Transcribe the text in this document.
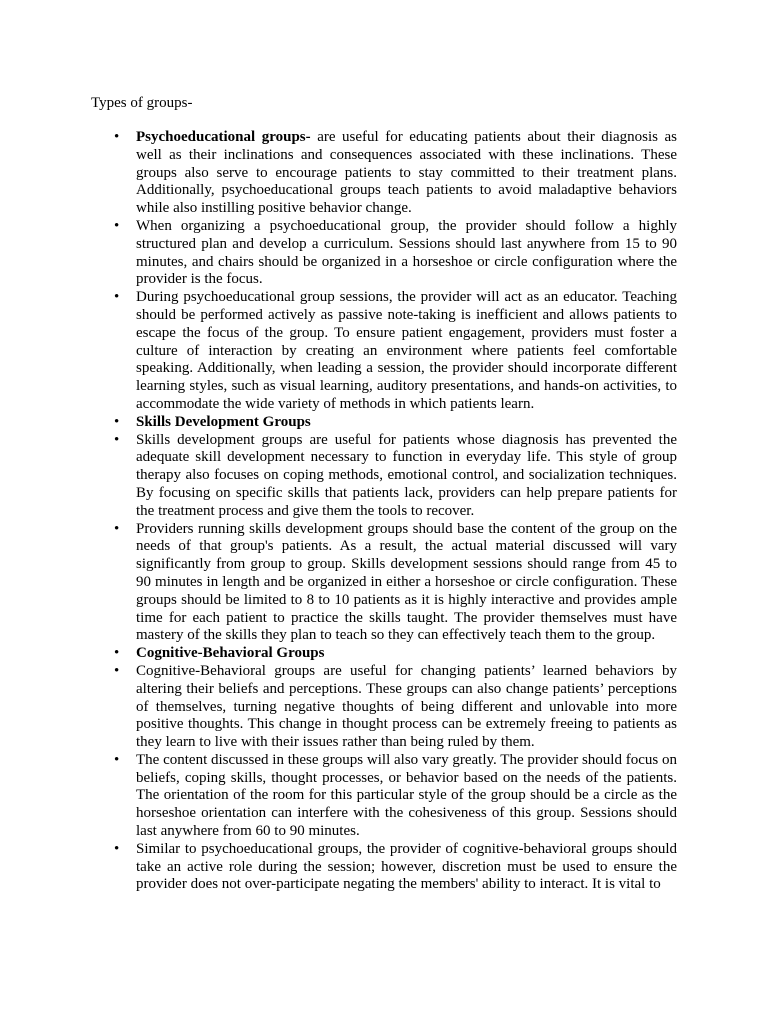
Types of groups-
• Psychoeducational groups- are useful for educating patients about their diagnosis as well as their inclinations and consequences associated with these inclinations. These groups also serve to encourage patients to stay committed to their treatment plans. Additionally, psychoeducational groups teach patients to avoid maladaptive behaviors while also instilling positive behavior change.
• When organizing a psychoeducational group, the provider should follow a highly structured plan and develop a curriculum. Sessions should last anywhere from 15 to 90 minutes, and chairs should be organized in a horseshoe or circle configuration where the provider is the focus.
• During psychoeducational group sessions, the provider will act as an educator. Teaching should be performed actively as passive note-taking is inefficient and allows patients to escape the focus of the group. To ensure patient engagement, providers must foster a culture of interaction by creating an environment where patients feel comfortable speaking. Additionally, when leading a session, the provider should incorporate different learning styles, such as visual learning, auditory presentations, and hands-on activities, to accommodate the wide variety of methods in which patients learn.
• Skills Development Groups
• Skills development groups are useful for patients whose diagnosis has prevented the adequate skill development necessary to function in everyday life. This style of group therapy also focuses on coping methods, emotional control, and socialization techniques. By focusing on specific skills that patients lack, providers can help prepare patients for the treatment process and give them the tools to recover.
• Providers running skills development groups should base the content of the group on the needs of that group's patients. As a result, the actual material discussed will vary significantly from group to group. Skills development sessions should range from 45 to 90 minutes in length and be organized in either a horseshoe or circle configuration. These groups should be limited to 8 to 10 patients as it is highly interactive and provides ample time for each patient to practice the skills taught. The provider themselves must have mastery of the skills they plan to teach so they can effectively teach them to the group.
• Cognitive-Behavioral Groups
• Cognitive-Behavioral groups are useful for changing patients’ learned behaviors by altering their beliefs and perceptions. These groups can also change patients’ perceptions of themselves, turning negative thoughts of being different and unlovable into more positive thoughts. This change in thought process can be extremely freeing to patients as they learn to live with their issues rather than being ruled by them.
• The content discussed in these groups will also vary greatly. The provider should focus on beliefs, coping skills, thought processes, or behavior based on the needs of the patients. The orientation of the room for this particular style of the group should be a circle as the horseshoe orientation can interfere with the cohesiveness of this group. Sessions should last anywhere from 60 to 90 minutes.
• Similar to psychoeducational groups, the provider of cognitive-behavioral groups should take an active role during the session; however, discretion must be used to ensure the provider does not over-participate negating the members' ability to interact. It is vital to
